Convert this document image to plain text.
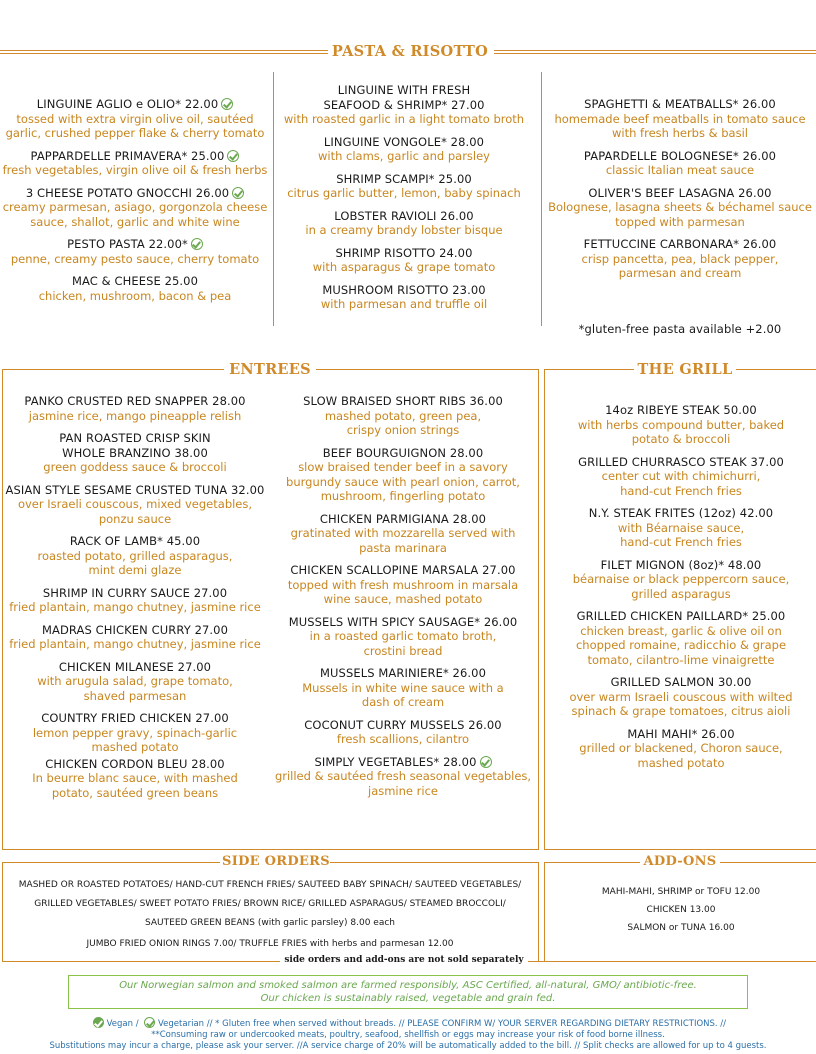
PASTA & RISOTTO
LINGUINE AGLIO e OLIO* 22.00
tossed with extra virgin olive oil, sautéed
garlic, crushed pepper flake & cherry tomato
PAPPARDELLE PRIMAVERA* 25.00
fresh vegetables, virgin olive oil & fresh herbs
3 CHEESE POTATO GNOCCHI 26.00
creamy parmesan, asiago, gorgonzola cheese
sauce, shallot, garlic and white wine
PESTO PASTA 22.00*
penne, creamy pesto sauce, cherry tomato
MAC & CHEESE 25.00
chicken, mushroom, bacon & pea
LINGUINE WITH FRESH
SEAFOOD & SHRIMP* 27.00
with roasted garlic in a light tomato broth
LINGUINE VONGOLE* 28.00
with clams, garlic and parsley
SHRIMP SCAMPI* 25.00
citrus garlic butter, lemon, baby spinach
LOBSTER RAVIOLI 26.00
in a creamy brandy lobster bisque
SHRIMP RISOTTO 24.00
with asparagus & grape tomato
MUSHROOM RISOTTO 23.00
with parmesan and truffle oil
SPAGHETTI & MEATBALLS* 26.00
homemade beef meatballs in tomato sauce
with fresh herbs & basil
PAPARDELLE BOLOGNESE* 26.00
classic Italian meat sauce
OLIVER'S BEEF LASAGNA 26.00
Bolognese, lasagna sheets & béchamel sauce
topped with parmesan
FETTUCCINE CARBONARA* 26.00
crisp pancetta, pea, black pepper,
parmesan and cream
*gluten-free pasta available +2.00
ENTREES
PANKO CRUSTED RED SNAPPER 28.00
jasmine rice, mango pineapple relish
PAN ROASTED CRISP SKIN
WHOLE BRANZINO 38.00
green goddess sauce & broccoli
ASIAN STYLE SESAME CRUSTED TUNA 32.00
over Israeli couscous, mixed vegetables,
ponzu sauce
RACK OF LAMB* 45.00
roasted potato, grilled asparagus,
mint demi glaze
SHRIMP IN CURRY SAUCE 27.00
fried plantain, mango chutney, jasmine rice
MADRAS CHICKEN CURRY 27.00
fried plantain, mango chutney, jasmine rice
CHICKEN MILANESE 27.00
with arugula salad, grape tomato,
shaved parmesan
COUNTRY FRIED CHICKEN 27.00
lemon pepper gravy, spinach-garlic
mashed potato
CHICKEN CORDON BLEU 28.00
In beurre blanc sauce, with mashed
potato, sautéed green beans
SLOW BRAISED SHORT RIBS 36.00
mashed potato, green pea,
crispy onion strings
BEEF BOURGUIGNON 28.00
slow braised tender beef in a savory
burgundy sauce with pearl onion, carrot,
mushroom, fingerling potato
CHICKEN PARMIGIANA 28.00
gratinated with mozzarella served with
pasta marinara
CHICKEN SCALLOPINE MARSALA 27.00
topped with fresh mushroom in marsala
wine sauce, mashed potato
MUSSELS WITH SPICY SAUSAGE* 26.00
in a roasted garlic tomato broth,
crostini bread
MUSSELS MARINIERE* 26.00
Mussels in white wine sauce with a
dash of cream
COCONUT CURRY MUSSELS 26.00
fresh scallions, cilantro
SIMPLY VEGETABLES* 28.00
grilled & sautéed fresh seasonal vegetables,
jasmine rice
THE GRILL
14oz RIBEYE STEAK 50.00
with herbs compound butter, baked
potato & broccoli
GRILLED CHURRASCO STEAK 37.00
center cut with chimichurri,
hand-cut French fries
N.Y. STEAK FRITES (12oz) 42.00
with Béarnaise sauce,
hand-cut French fries
FILET MIGNON (8oz)* 48.00
béarnaise or black peppercorn sauce,
grilled asparagus
GRILLED CHICKEN PAILLARD* 25.00
chicken breast, garlic & olive oil on
chopped romaine, radicchio & grape
tomato, cilantro-lime vinaigrette
GRILLED SALMON 30.00
over warm Israeli couscous with wilted
spinach & grape tomatoes, citrus aioli
MAHI MAHI* 26.00
grilled or blackened, Choron sauce,
mashed potato
SIDE ORDERS
MASHED OR ROASTED POTATOES/ HAND-CUT FRENCH FRIES/ SAUTEED BABY SPINACH/ SAUTEED VEGETABLES/
GRILLED VEGETABLES/ SWEET POTATO FRIES/ BROWN RICE/ GRILLED ASPARAGUS/ STEAMED BROCCOLI/
SAUTEED GREEN BEANS (with garlic parsley) 8.00 each
JUMBO FRIED ONION RINGS 7.00/ TRUFFLE FRIES with herbs and parmesan 12.00
ADD-ONS
MAHI-MAHI, SHRIMP or TOFU 12.00
CHICKEN 13.00
SALMON or TUNA 16.00
side orders and add-ons are not sold separately
Our Norwegian salmon and smoked salmon are farmed responsibly, ASC Certified, all-natural, GMO/ antibiotic-free.
Our chicken is sustainably raised, vegetable and grain fed.
Vegan /  Vegetarian // * Gluten free when served without breads. // PLEASE CONFIRM W/ YOUR SERVER REGARDING DIETARY RESTRICTIONS. //
**Consuming raw or undercooked meats, poultry, seafood, shellfish or eggs may increase your risk of food borne illness.
Substitutions may incur a charge, please ask your server. //A service charge of 20% will be automatically added to the bill. // Split checks are allowed for up to 4 guests.
